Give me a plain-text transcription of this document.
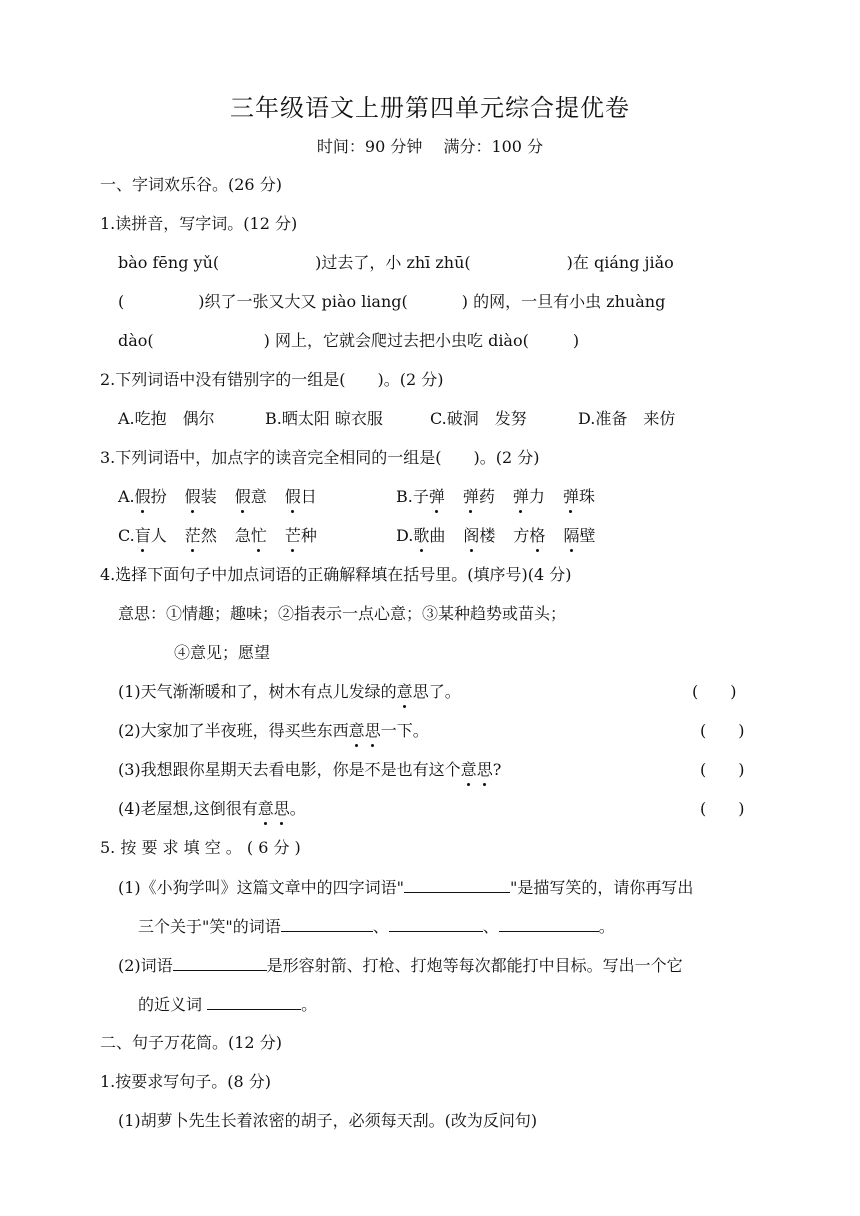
三年级语文上册第四单元综合提优卷
时间：90 分钟　 满分：100 分
一、字词欢乐谷。(26 分)
1.读拼音，写字词。(12 分)
bào fēng yǔ(	)过去了，小 zhī zhū(	)在 qiáng jiǎo
(	)织了一张又大又 piào liang(	) 的网，一旦有小虫 zhuàng
dào(	) 网上，它就会爬过去把小虫吃 diào(	)
2.下列词语中没有错别字的一组是(　　)。(2 分)
A.吃抱　偶尔	B.晒太阳 晾衣服	C.破洞　发努	D.准备　来仿
3.下列词语中，加点字的读音完全相同的一组是(　　)。(2 分)
A.假扮 假装 假意 假日	B.子弹 弹药 弹力 弹珠
C.盲人 茫然 急忙 芒种	D.歌曲 阁楼 方格 隔壁
4.选择下面句子中加点词语的正确解释填在括号里。(填序号)(4 分)
意思：①情趣；趣味；②指表示一点心意；③某种趋势或苗头；
④意见；愿望
(1)天气渐渐暖和了，树木有点儿发绿的意思了。	(　　)
(2)大家加了半夜班，得买些东西意思一下。	(　　)
(3)我想跟你星期天去看电影，你是不是也有这个意思?	(　　)
(4)老屋想,这倒很有意思。	(　　)
5. 按 要 求 填 空 。 ( 6 分 )
(1)《小狗学叫》这篇文章中的四字词语"	"是描写笑的，请你再写出
三个关于"笑"的词语	、	、	。
(2)词语	是形容射箭、打枪、打炮等每次都能打中目标。写出一个它
的近义词	。
二、句子万花筒。(12 分)
1.按要求写句子。(8 分)
(1)胡萝卜先生长着浓密的胡子，必须每天刮。(改为反问句)
